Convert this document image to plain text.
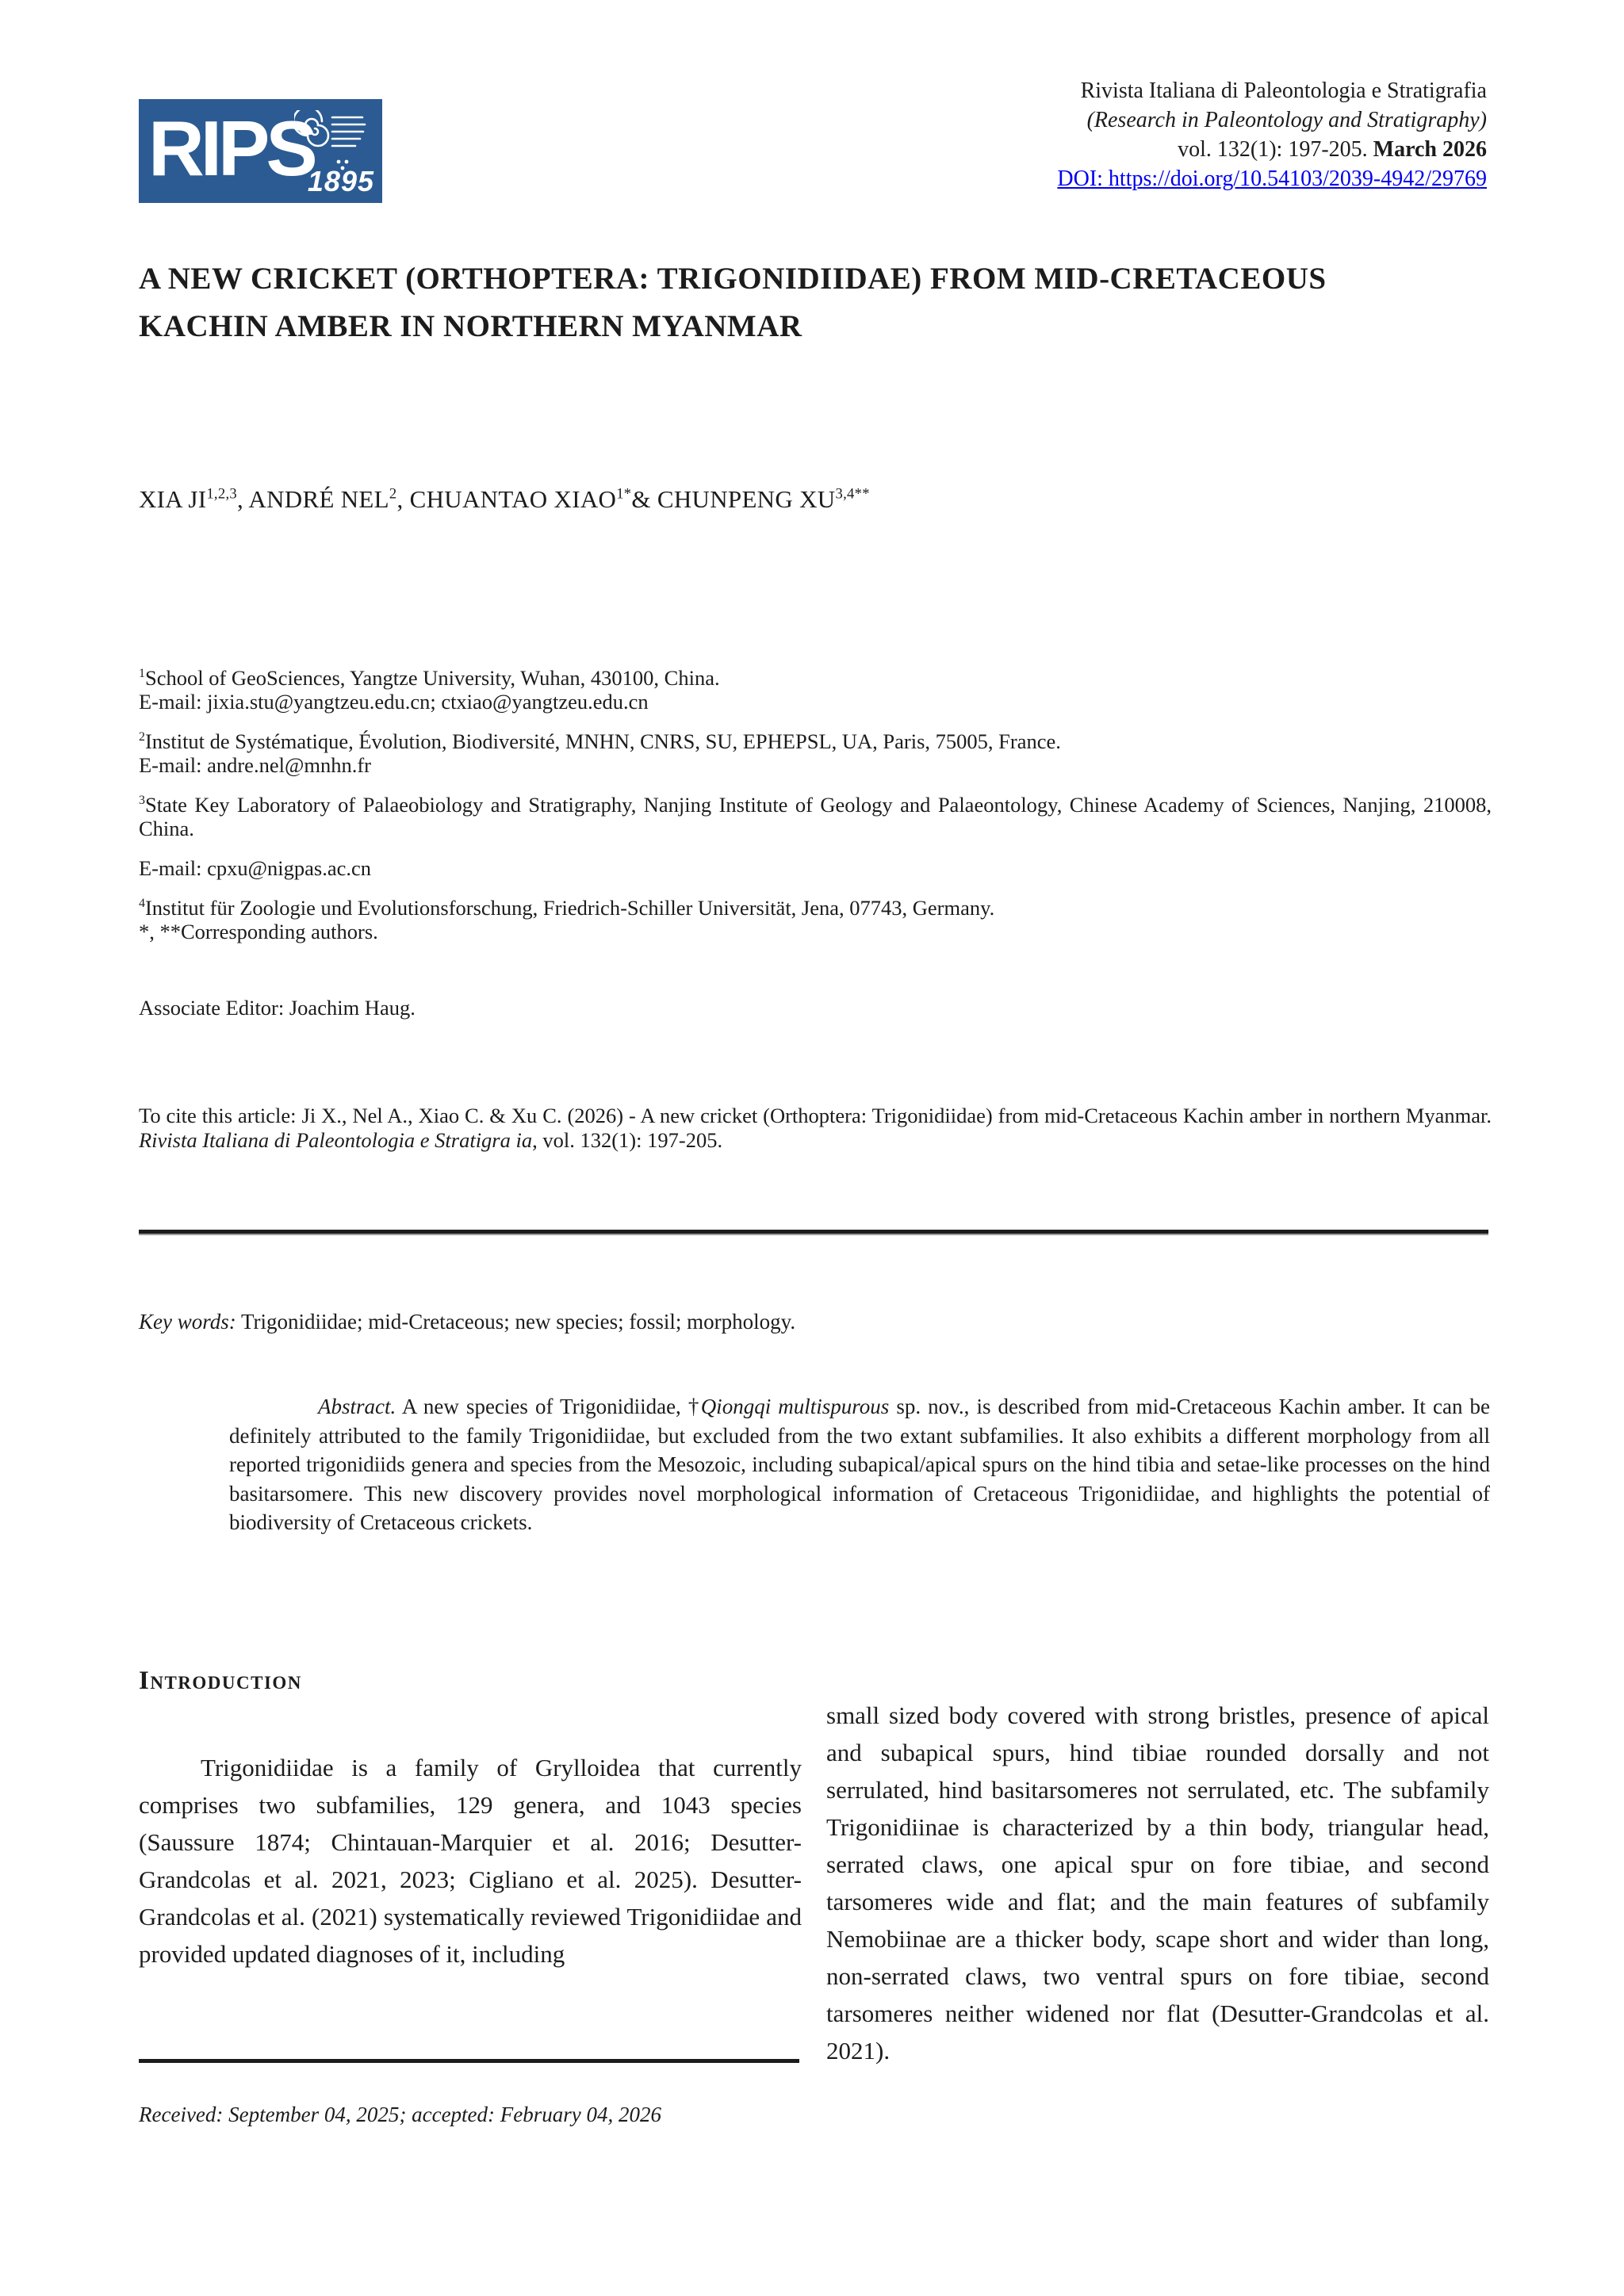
RIPS
1895
Rivista Italiana di Paleontologia e Stratigrafia
(Research in Paleontology and Stratigraphy)
vol. 132(1): 197-205. March 2026
DOI: https://doi.org/10.54103/2039-4942/29769
A NEW CRICKET (ORTHOPTERA: TRIGONIDIIDAE) FROM MID-CRETACEOUS
KACHIN AMBER IN NORTHERN MYANMAR
XIA JI$^{1,2,3}$, ANDRÉ NEL$^2$, CHUANTAO $XIAO^{1*}\&$ CHUNPENG $XU^{3,4**}$

$^1$School of GeoSciences, Yangtze University, Wuhan, 430100, China.
E-mail: jixia.stu@yangtzeu.edu.cn; ctxiao@yangtzeu.edu.cn

$^2$Institut de Systématique, Évolution, Biodiversité, MNHN, CNRS, SU, EPHEPSL, UA, Paris, 75005, France.
E-mail: andre.nel@mnhn.fr

$^3$State Key Laboratory of Palaeobiology and Stratigraphy, Nanjing Institute of Geology and Palaeontology, Chinese Academy of Sciences, Nanjing, 210008, China.

E-mail: cpxu@nigpas.ac.cn

$^4$Institut für Zoologie und Evolutionsforschung, Friedrich-Schiller Universität, Jena, 07743, Germany.
*, **Corresponding authors.

Associate Editor: Joachim Haug.
To cite this article: Ji X., Nel A., Xiao C. & Xu C. (2026) - A new cricket (Orthoptera: Trigonidiidae) from mid-Cretaceous Kachin amber in northern Myanmar. Rivista Italiana di Paleontologia e Stratigra ia, vol. 132(1): 197-205.
Key words: Trigonidiidae; mid-Cretaceous; new species; fossil; morphology.
Abstract. A new species of Trigonidiidae, †Qiongqi multispurous sp. nov., is described from mid-Cretaceous Kachin amber. It can be definitely attributed to the family Trigonidiidae, but excluded from the two extant subfamilies. It also exhibits a different morphology from all reported trigonidiids genera and species from the Mesozoic, including subapical/apical spurs on the hind tibia and setae-like processes on the hind basitarsomere. This new discovery provides novel morphological information of Cretaceous Trigonidiidae, and highlights the potential of biodiversity of Cretaceous crickets.
Introduction
Trigonidiidae is a family of Grylloidea that currently comprises two subfamilies, 129 genera, and 1043 species (Saussure 1874; Chintauan-Marquier et al. 2016; Desutter-Grandcolas et al. 2021, 2023; Cigliano et al. 2025). Desutter-Grandcolas et al. (2021) systematically reviewed Trigonidiidae and provided updated diagnoses of it, including
small sized body covered with strong bristles, presence of apical and subapical spurs, hind tibiae rounded dorsally and not serrulated, hind basitarsomeres not serrulated, etc. The subfamily Trigonidiinae is characterized by a thin body, triangular head, serrated claws, one apical spur on fore tibiae, and second tarsomeres wide and flat; and the main features of subfamily Nemobiinae are a thicker body, scape short and wider than long, non-serrated claws, two ventral spurs on fore tibiae, second tarsomeres neither widened nor flat (Desutter-Grandcolas et al. 2021).
Received: September 04, 2025; accepted: February 04, 2026
